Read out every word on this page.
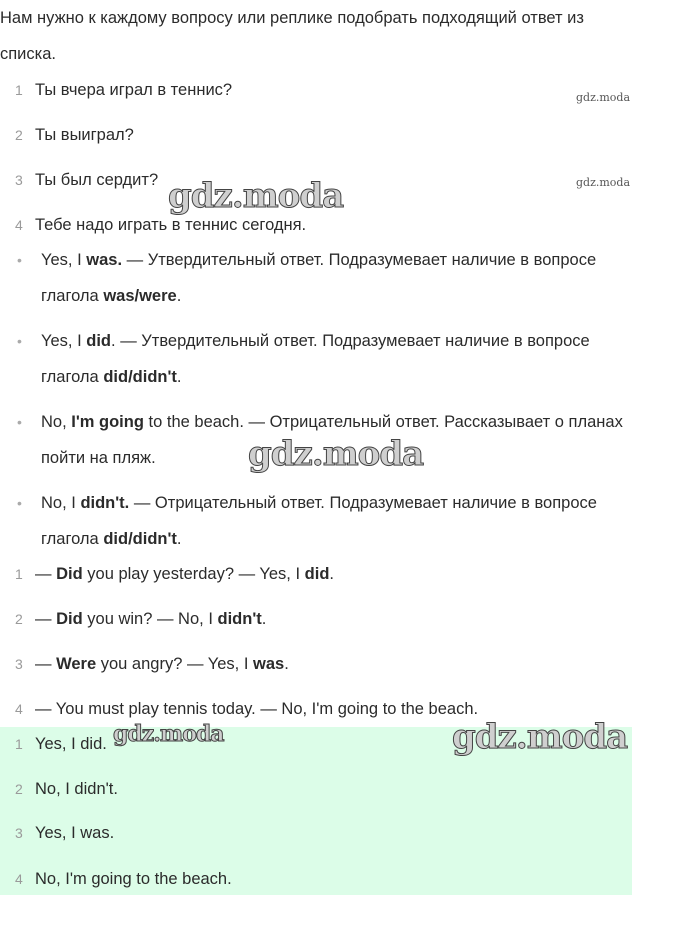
Нам нужно к каждому вопросу или реплике подобрать подходящий ответ из
списка.
1 Ты вчера играл в теннис?
2 Ты выиграл?
3 Ты был сердит?
4 Тебе надо играть в теннис сегодня.
• Yes, I was. — Утвердительный ответ. Подразумевает наличие в вопросе
глагола was/were.
• Yes, I did. — Утвердительный ответ. Подразумевает наличие в вопросе
глагола did/didn't.
• No, I'm going to the beach. — Отрицательный ответ. Рассказывает о планах
пойти на пляж.
• No, I didn't. — Отрицательный ответ. Подразумевает наличие в вопросе
глагола did/didn't.
1 — Did you play yesterday? — Yes, I did.
2 — Did you win? — No, I didn't.
3 — Were you angry? — Yes, I was.
4 — You must play tennis today. — No, I'm going to the beach.
1 Yes, I did.
2 No, I didn't.
3 Yes, I was.
4 No, I'm going to the beach.
gdz.moda
gdz.moda
gdz.moda
gdz.moda
gdz.moda	gdz.moda
